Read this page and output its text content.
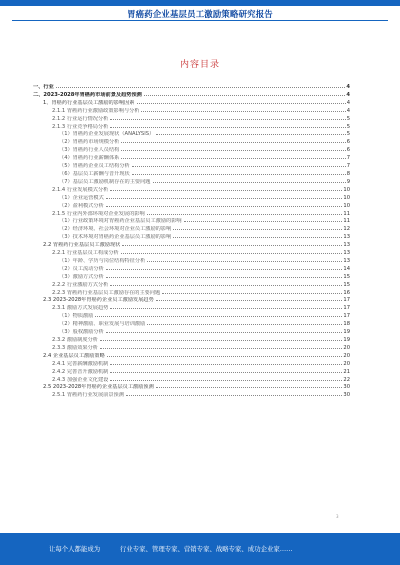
胃癌药企业基层员工激励策略研究报告
内容目录
一、行业	4
二、2023-2028年胃癌药市场前景及趋势预测	4
1、胃癌药行业基层员工激励的影响因素	4
2.1.1 胃癌药行业激励政策影响与分析	4
2.1.2 行业运行情况分析	5
2.1.3 行业竞争格局分析	5
（1）胃癌药企业发展现状（ANALYSIS）	5
（2）胃癌药市场规模分析	6
（3）胃癌药行业人员结构	6
（4）胃癌药行业薪酬体系	7
（5）胃癌药企业员工结构分析	7
（6）基层员工薪酬与晋升现状	8
（7）基层员工激励机制存在的主要问题	9
2.1.4 行业发展模式分析	10
（1）企业运营模式	10
（2）盈利模式分析	10
2.1.5 行业内外部环境对企业发展的影响	11
（1）行业政策环境对胃癌药企业基层员工激励的影响	11
（2）经济环境、社会环境对企业员工激励的影响	12
（3）技术环境对胃癌药企业基层员工激励的影响	13
2.2 胃癌药行业基层员工激励现状	13
2.2.1 行业基层员工构成分析	13
（1）年龄、学历与岗位结构特征分析	13
（2）员工流动分析	14
（3）激励方式分析	15
2.2.2 行业激励方式分析	15
2.2.3 胃癌药行业基层员工激励存在的主要问题	16
2.3 2023-2028年胃癌药企业员工激励发展趋势	17
2.3.1 激励方式发展趋势	17
（1）物质激励	17
（2）精神激励、职业发展与培训激励	18
（3）股权激励分析	19
2.3.2 激励制度分析	19
2.3.3 激励效果分析	20
2.4 企业基层员工激励策略	20
2.4.1 完善薪酬激励机制	20
2.4.2 完善晋升激励机制	21
2.4.3 加强企业文化建设	22
2.5 2023-2028年胃癌药企业基层员工激励预测	30
2.5.1 胃癌药行业发展前景预测	30
3
让每个人都能成为	行业专家、管理专家、营销专家、战略专家、成功企业家……
